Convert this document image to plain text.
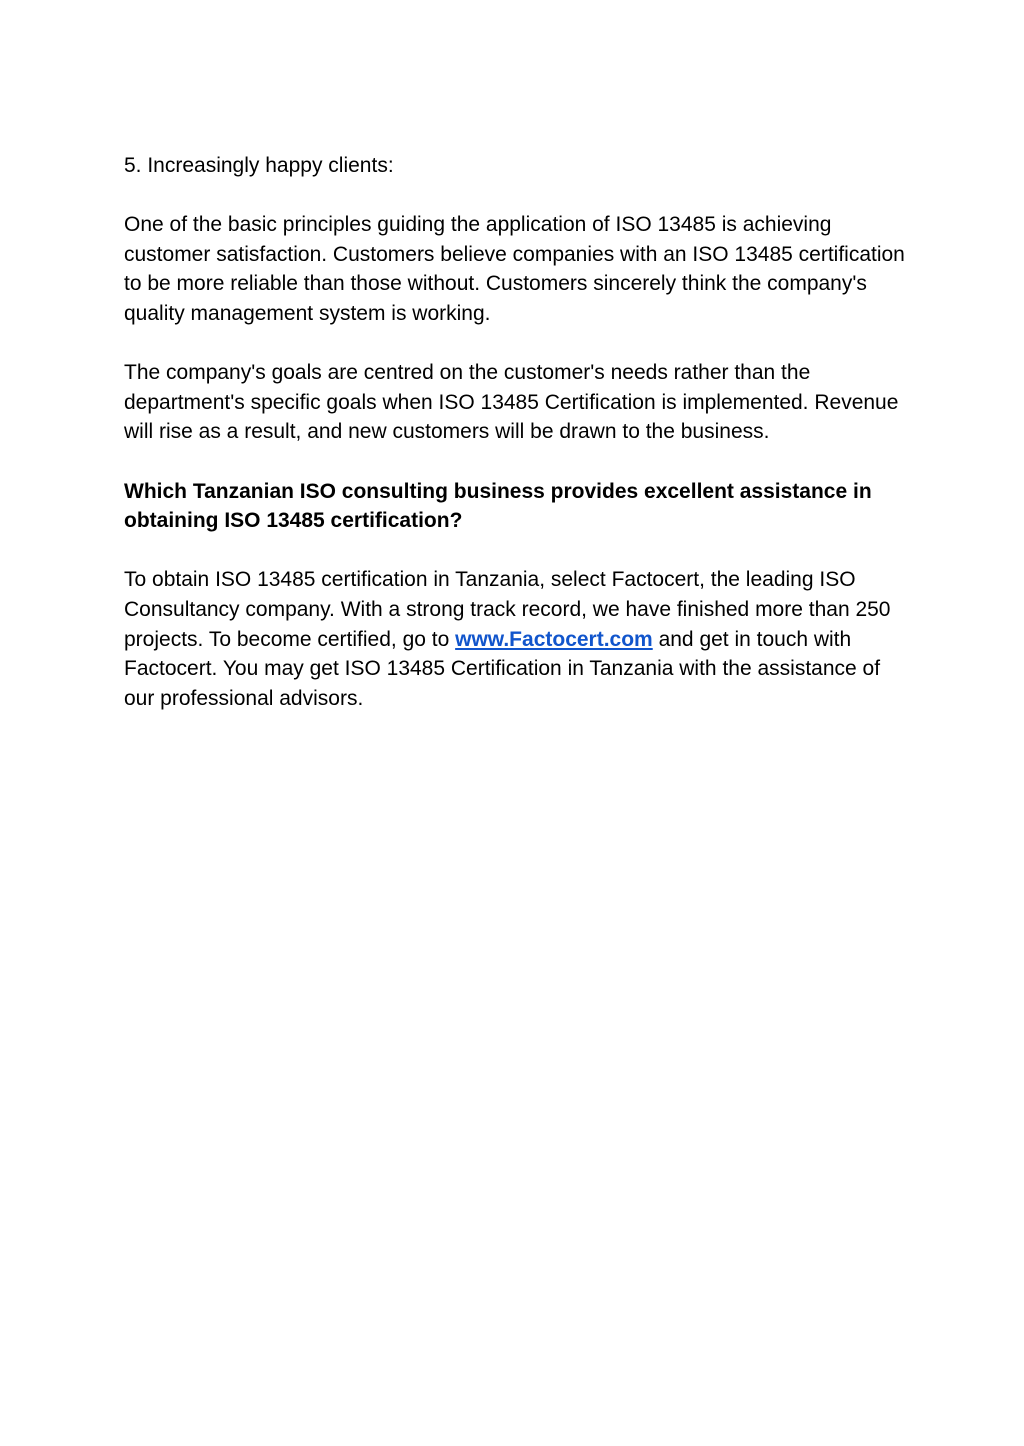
5. Increasingly happy clients:

One of the basic principles guiding the application of ISO 13485 is achieving customer satisfaction. Customers believe companies with an ISO 13485 certification to be more reliable than those without. Customers sincerely think the company's quality management system is working.

The company's goals are centred on the customer's needs rather than the department's specific goals when ISO 13485 Certification is implemented. Revenue will rise as a result, and new customers will be drawn to the business.

Which Tanzanian ISO consulting business provides excellent assistance in obtaining ISO 13485 certification?

To obtain ISO 13485 certification in Tanzania, select Factocert, the leading ISO Consultancy company. With a strong track record, we have finished more than 250 projects. To become certified, go to www.Factocert.com and get in touch with Factocert. You may get ISO 13485 Certification in Tanzania with the assistance of our professional advisors.
